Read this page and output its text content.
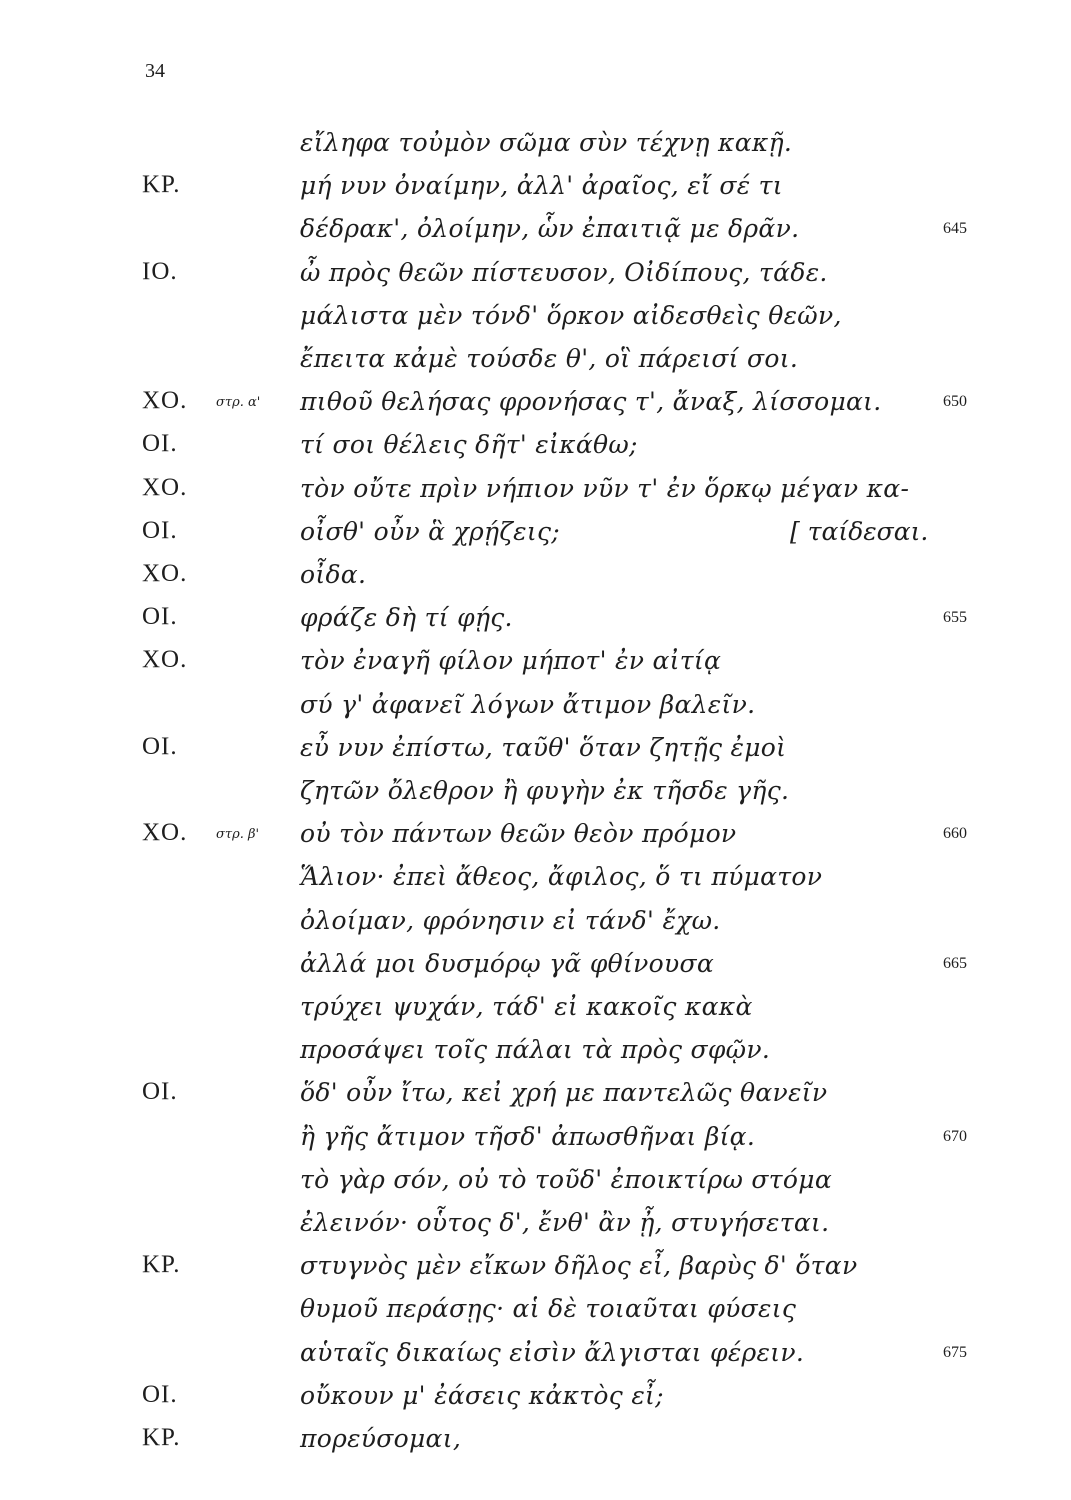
34
εἴληφα τοὐμὸν σῶμα σὺν τέχνῃ κακῇ.
ΚΡ.	μή νυν ὀναίμην, ἀλλ' ἀραῖος, εἴ σέ τι
δέδρακ', ὀλοίμην, ὧν ἐπαιτιᾷ με δρᾶν.	645
ΙΟ.	ὦ πρὸς θεῶν πίστευσον, Οἰδίπους, τάδε.
μάλιστα μὲν τόνδ' ὅρκον αἰδεσθεὶς θεῶν,
ἔπειτα κἀμὲ τούσδε θ', οἳ πάρεισί σοι.
ΧΟ. στρ. α' πιθοῦ θελήσας φρονήσας τ', ἄναξ, λίσσομαι.	650
ΟΙ.	τί σοι θέλεις δῆτ' εἰκάθω;
ΧΟ.	τὸν οὔτε πρὶν νήπιον νῦν τ' ἐν ὅρκῳ μέγαν κα-
ΟΙ.	οἶσθ' οὖν ἃ χρῄζεις;	[ ταίδεσαι.
ΧΟ.	οἶδα.
ΟΙ.	φράζε δὴ τί φῄς.	655
ΧΟ.	τὸν ἐναγῆ φίλον μήποτ' ἐν αἰτίᾳ
σύ γ' ἀφανεῖ λόγων ἄτιμον βαλεῖν.
ΟΙ.	εὖ νυν ἐπίστω, ταῦθ' ὅταν ζητῇς ἐμοὶ
ζητῶν ὄλεθρον ἢ φυγὴν ἐκ τῆσδε γῆς.
ΧΟ. στρ. β' οὐ τὸν πάντων θεῶν θεὸν πρόμον	660
Ἅλιον· ἐπεὶ ἄθεος, ἄφιλος, ὅ τι πύματον
ὀλοίμαν, φρόνησιν εἰ τάνδ' ἔχω.
ἀλλά μοι δυσμόρῳ γᾶ φθίνουσα	665
τρύχει ψυχάν, τάδ' εἰ κακοῖς κακὰ
προσάψει τοῖς πάλαι τὰ πρὸς σφῷν.
ΟΙ.	ὅδ' οὖν ἴτω, κεἰ χρή με παντελῶς θανεῖν
ἢ γῆς ἄτιμον τῆσδ' ἀπωσθῆναι βίᾳ.	670
τὸ γὰρ σόν, οὐ τὸ τοῦδ' ἐποικτίρω στόμα
ἐλεινόν· οὗτος δ', ἔνθ' ἂν ᾖ, στυγήσεται.
ΚΡ.	στυγνὸς μὲν εἴκων δῆλος εἶ, βαρὺς δ' ὅταν
θυμοῦ περάσῃς· αἱ δὲ τοιαῦται φύσεις
αὑταῖς δικαίως εἰσὶν ἄλγισται φέρειν.	675
ΟΙ.	οὔκουν μ' ἐάσεις κἀκτὸς εἶ;
ΚΡ.	πορεύσομαι,
